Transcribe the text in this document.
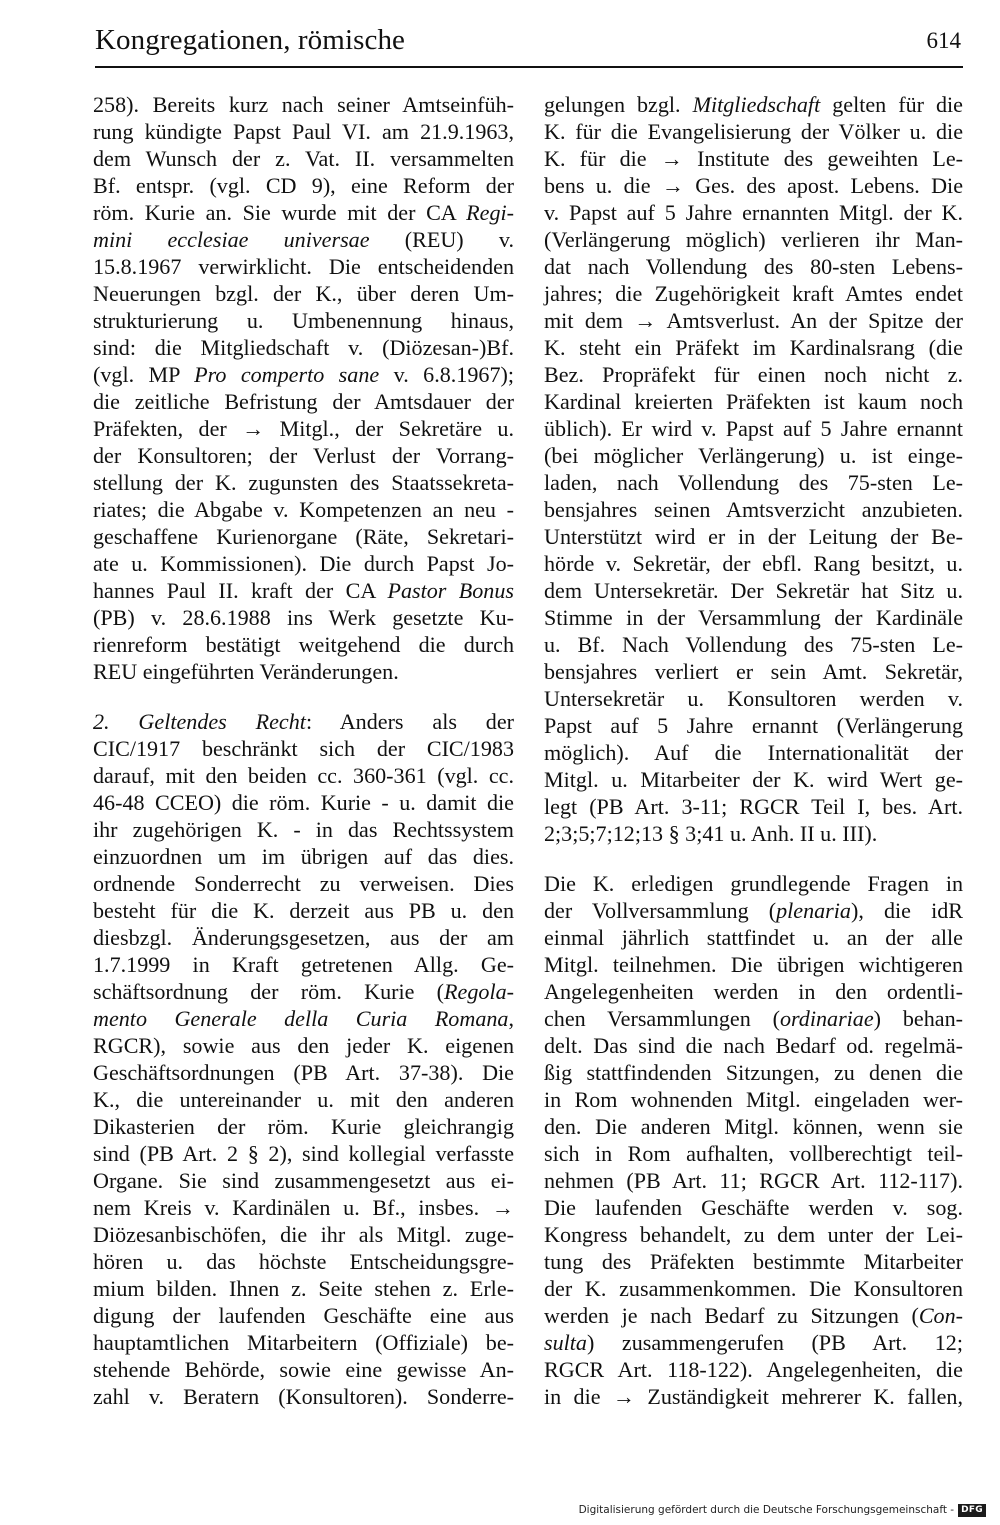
Kongregationen, römische	614
258). Bereits kurz nach seiner Amtseinfüh-
rung kündigte Papst Paul VI. am 21.9.1963,
dem Wunsch der z. Vat. II. versammelten
Bf. entspr. (vgl. CD 9), eine Reform der
röm. Kurie an. Sie wurde mit der CA Regi-
mini ecclesiae universae (REU) v.
15.8.1967 verwirklicht. Die entscheidenden
Neuerungen bzgl. der K., über deren Um-
strukturierung u. Umbenennung hinaus,
sind: die Mitgliedschaft v. (Diözesan-)Bf.
(vgl. MP Pro comperto sane v. 6.8.1967);
die zeitliche Befristung der Amtsdauer der
Präfekten, der → Mitgl., der Sekretäre u.
der Konsultoren; der Verlust der Vorrang-
stellung der K. zugunsten des Staatssekreta-
riates; die Abgabe v. Kompetenzen an neu -
geschaffene Kurienorgane (Räte, Sekretari-
ate u. Kommissionen). Die durch Papst Jo-
hannes Paul II. kraft der CA Pastor Bonus
(PB) v. 28.6.1988 ins Werk gesetzte Ku-
rienreform bestätigt weitgehend die durch
REU eingeführten Veränderungen.
2. Geltendes Recht: Anders als der
CIC/1917 beschränkt sich der CIC/1983
darauf, mit den beiden cc. 360-361 (vgl. cc.
46-48 CCEO) die röm. Kurie - u. damit die
ihr zugehörigen K. - in das Rechtssystem
einzuordnen um im übrigen auf das dies.
ordnende Sonderrecht zu verweisen. Dies
besteht für die K. derzeit aus PB u. den
diesbzgl. Änderungsgesetzen, aus der am
1.7.1999 in Kraft getretenen Allg. Ge-
schäftsordnung der röm. Kurie (Regola-
mento Generale della Curia Romana,
RGCR), sowie aus den jeder K. eigenen
Geschäftsordnungen (PB Art. 37-38). Die
K., die untereinander u. mit den anderen
Dikasterien der röm. Kurie gleichrangig
sind (PB Art. 2 § 2), sind kollegial verfasste
Organe. Sie sind zusammengesetzt aus ei-
nem Kreis v. Kardinälen u. Bf., insbes. →
Diözesanbischöfen, die ihr als Mitgl. zuge-
hören u. das höchste Entscheidungsgre-
mium bilden. Ihnen z. Seite stehen z. Erle-
digung der laufenden Geschäfte eine aus
hauptamtlichen Mitarbeitern (Offiziale) be-
stehende Behörde, sowie eine gewisse An-
zahl v. Beratern (Konsultoren). Sonderre-
gelungen bzgl. Mitgliedschaft gelten für die
K. für die Evangelisierung der Völker u. die
K. für die → Institute des geweihten Le-
bens u. die → Ges. des apost. Lebens. Die
v. Papst auf 5 Jahre ernannten Mitgl. der K.
(Verlängerung möglich) verlieren ihr Man-
dat nach Vollendung des 80-sten Lebens-
jahres; die Zugehörigkeit kraft Amtes endet
mit dem → Amtsverlust. An der Spitze der
K. steht ein Präfekt im Kardinalsrang (die
Bez. Propräfekt für einen noch nicht z.
Kardinal kreierten Präfekten ist kaum noch
üblich). Er wird v. Papst auf 5 Jahre ernannt
(bei möglicher Verlängerung) u. ist einge-
laden, nach Vollendung des 75-sten Le-
bensjahres seinen Amtsverzicht anzubieten.
Unterstützt wird er in der Leitung der Be-
hörde v. Sekretär, der ebfl. Rang besitzt, u.
dem Untersekretär. Der Sekretär hat Sitz u.
Stimme in der Versammlung der Kardinäle
u. Bf. Nach Vollendung des 75-sten Le-
bensjahres verliert er sein Amt. Sekretär,
Untersekretär u. Konsultoren werden v.
Papst auf 5 Jahre ernannt (Verlängerung
möglich). Auf die Internationalität der
Mitgl. u. Mitarbeiter der K. wird Wert ge-
legt (PB Art. 3-11; RGCR Teil I, bes. Art.
2;3;5;7;12;13 § 3;41 u. Anh. II u. III).
Die K. erledigen grundlegende Fragen in
der Vollversammlung (plenaria), die idR
einmal jährlich stattfindet u. an der alle
Mitgl. teilnehmen. Die übrigen wichtigeren
Angelegenheiten werden in den ordentli-
chen Versammlungen (ordinariae) behan-
delt. Das sind die nach Bedarf od. regelmä-
ßig stattfindenden Sitzungen, zu denen die
in Rom wohnenden Mitgl. eingeladen wer-
den. Die anderen Mitgl. können, wenn sie
sich in Rom aufhalten, vollberechtigt teil-
nehmen (PB Art. 11; RGCR Art. 112-117).
Die laufenden Geschäfte werden v. sog.
Kongress behandelt, zu dem unter der Lei-
tung des Präfekten bestimmte Mitarbeiter
der K. zusammenkommen. Die Konsultoren
werden je nach Bedarf zu Sitzungen (Con-
sulta) zusammengerufen (PB Art. 12;
RGCR Art. 118-122). Angelegenheiten, die
in die → Zuständigkeit mehrerer K. fallen,
Digitalisierung gefördert durch die Deutsche Forschungsgemeinschaft - DFG
